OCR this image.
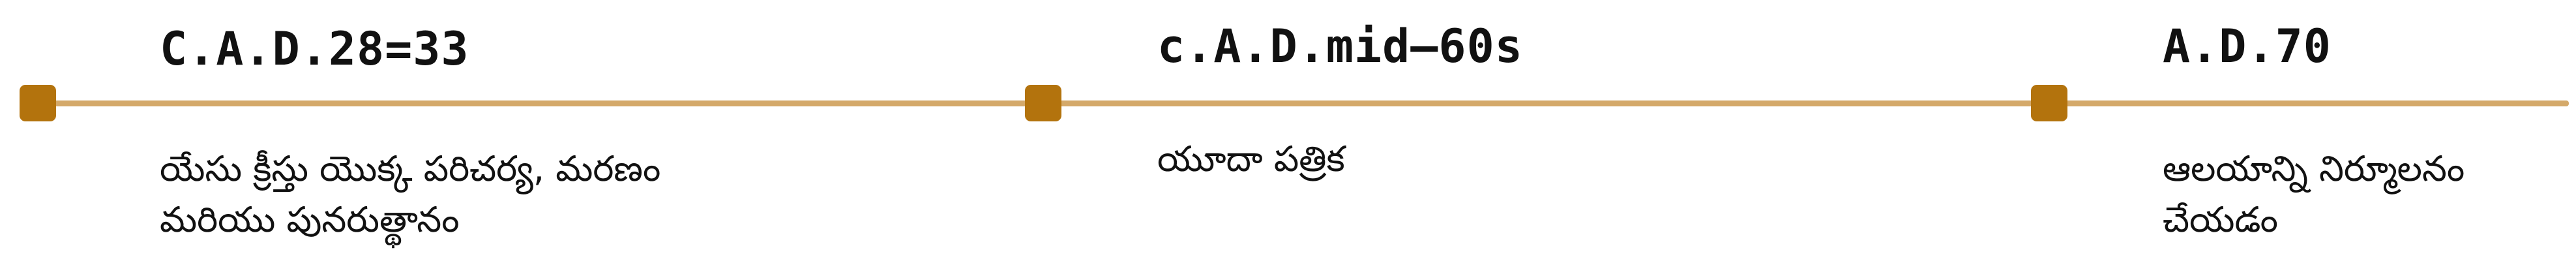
C.A.D.28=33
యేసు క్రీస్తు యొక్క పరిచర్య, మరణం మరియు పునరుత్థానం
c.A.D.mid—60s
యూదా పత్రిక
A.D.70
ఆలయాన్ని నిర్మూలనం చేయడం
